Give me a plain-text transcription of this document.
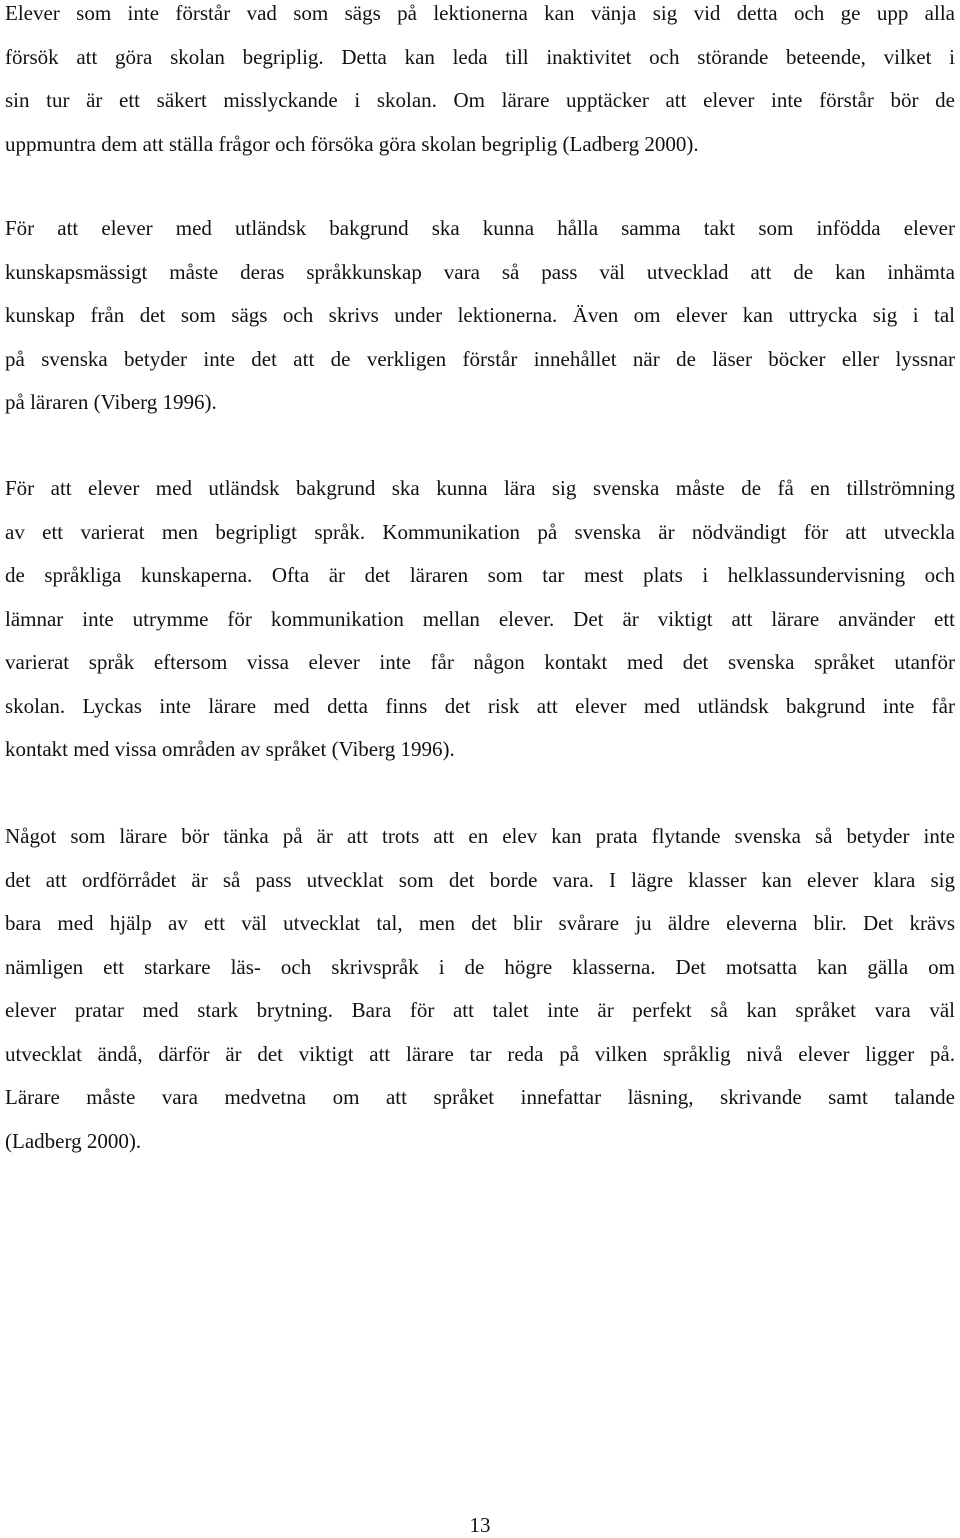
Elever som inte förstår vad som sägs på lektionerna kan vänja sig vid detta och ge upp alla
försök att göra skolan begriplig. Detta kan leda till inaktivitet och störande beteende, vilket i
sin tur är ett säkert misslyckande i skolan. Om lärare upptäcker att elever inte förstår bör de
uppmuntra dem att ställa frågor och försöka göra skolan begriplig (Ladberg 2000).
För att elever med utländsk bakgrund ska kunna hålla samma takt som infödda elever
kunskapsmässigt måste deras språkkunskap vara så pass väl utvecklad att de kan inhämta
kunskap från det som sägs och skrivs under lektionerna. Även om elever kan uttrycka sig i tal
på svenska betyder inte det att de verkligen förstår innehållet när de läser böcker eller lyssnar
på läraren (Viberg 1996).
För att elever med utländsk bakgrund ska kunna lära sig svenska måste de få en tillströmning
av ett varierat men begripligt språk. Kommunikation på svenska är nödvändigt för att utveckla
de språkliga kunskaperna. Ofta är det läraren som tar mest plats i helklassundervisning och
lämnar inte utrymme för kommunikation mellan elever. Det är viktigt att lärare använder ett
varierat språk eftersom vissa elever inte får någon kontakt med det svenska språket utanför
skolan. Lyckas inte lärare med detta finns det risk att elever med utländsk bakgrund inte får
kontakt med vissa områden av språket (Viberg 1996).
Något som lärare bör tänka på är att trots att en elev kan prata flytande svenska så betyder inte
det att ordförrådet är så pass utvecklat som det borde vara. I lägre klasser kan elever klara sig
bara med hjälp av ett väl utvecklat tal, men det blir svårare ju äldre eleverna blir. Det krävs
nämligen ett starkare läs- och skrivspråk i de högre klasserna. Det motsatta kan gälla om
elever pratar med stark brytning. Bara för att talet inte är perfekt så kan språket vara väl
utvecklat ändå, därför är det viktigt att lärare tar reda på vilken språklig nivå elever ligger på.
Lärare måste vara medvetna om att språket innefattar läsning, skrivande samt talande
(Ladberg 2000).
13
